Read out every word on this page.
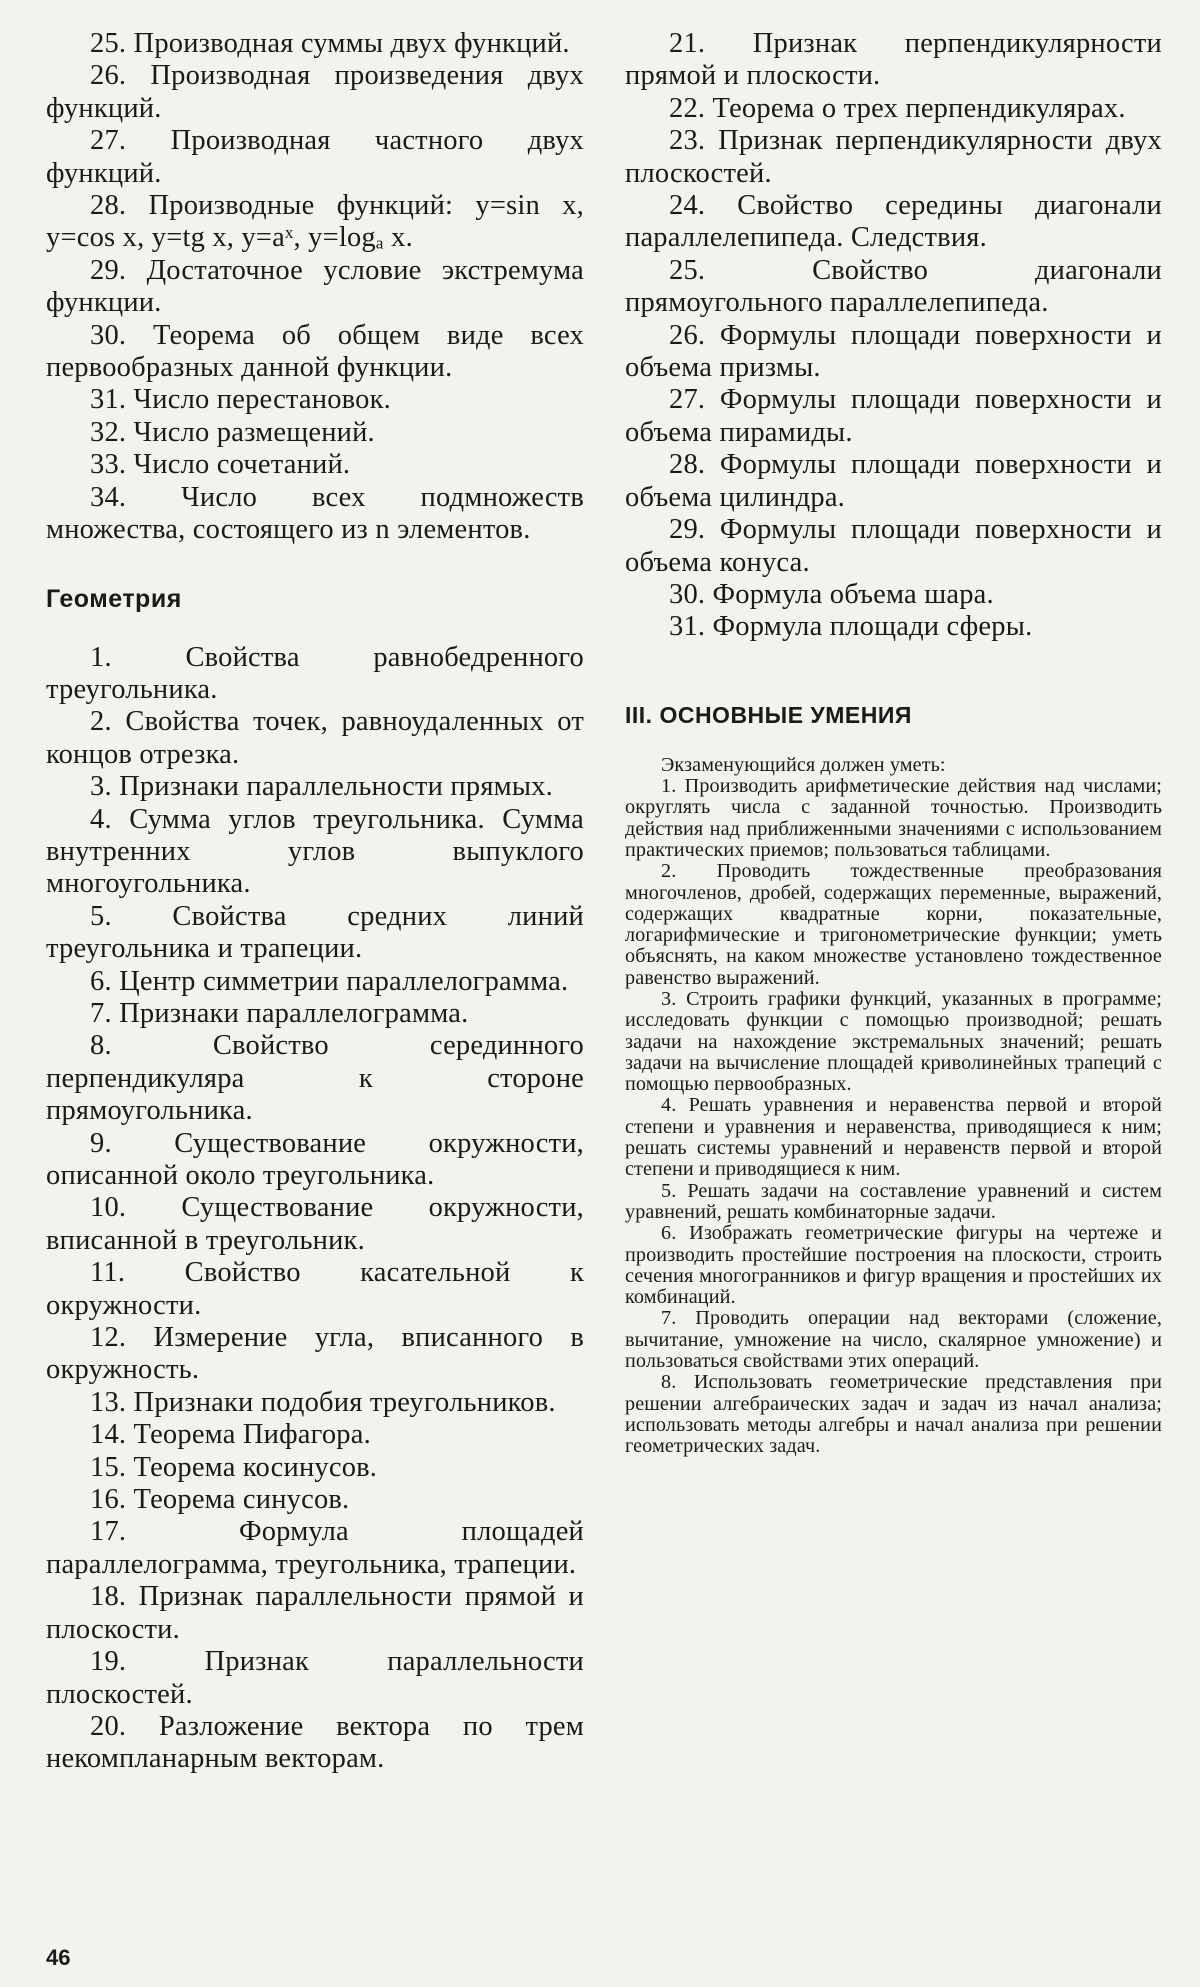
25. Производная суммы двух функций.

26. Производная произведения двух функций.

27. Производная частного двух функций.

28. Производные функций: y=sin x, y=cos x, y=tg x, y=aˣ, y=logₐ x.

29. Достаточное условие экстремума функции.

30. Теорема об общем виде всех первообразных данной функции.

31. Число перестановок.

32. Число размещений.

33. Число сочетаний.

34. Число всех подмножеств множества, состоящего из n элементов.

Геометрия

1. Свойства равнобедренного треугольника.

2. Свойства точек, равноудаленных от концов отрезка.

3. Признаки параллельности прямых.

4. Сумма углов треугольника. Сумма внутренних углов выпуклого многоугольника.

5. Свойства средних линий треугольника и трапеции.

6. Центр симметрии параллелограмма.

7. Признаки параллелограмма.

8. Свойство серединного перпендикуляра к стороне прямоугольника.

9. Существование окружности, описанной около треугольника.

10. Существование окружности, вписанной в треугольник.

11. Свойство касательной к окружности.

12. Измерение угла, вписанного в окружность.

13. Признаки подобия треугольников.

14. Теорема Пифагора.

15. Теорема косинусов.

16. Теорема синусов.

17. Формула площадей параллелограмма, треугольника, трапеции.

18. Признак параллельности прямой и плоскости.

19. Признак параллельности плоскостей.

20. Разложение вектора по трем некомпланарным векторам.

21. Признак перпендикулярности прямой и плоскости.

22. Теорема о трех перпендикулярах.

23. Признак перпендикулярности двух плоскостей.

24. Свойство середины диагонали параллелепипеда. Следствия.

25. Свойство диагонали прямоугольного параллелепипеда.

26. Формулы площади поверхности и объема призмы.

27. Формулы площади поверхности и объема пирамиды.

28. Формулы площади поверхности и объема цилиндра.

29. Формулы площади поверхности и объема конуса.

30. Формула объема шара.

31. Формула площади сферы.

III. ОСНОВНЫЕ УМЕНИЯ

Экзаменующийся должен уметь:

1. Производить арифметические действия над числами; округлять числа с заданной точностью. Производить действия над приближенными значениями с использованием практических приемов; пользоваться таблицами.

2. Проводить тождественные преобразования многочленов, дробей, содержащих переменные, выражений, содержащих квадратные корни, показательные, логарифмические и тригонометрические функции; уметь объяснять, на каком множестве установлено тождественное равенство выражений.

3. Строить графики функций, указанных в программе; исследовать функции с помощью производной; решать задачи на нахождение экстремальных значений; решать задачи на вычисление площадей криволинейных трапеций с помощью первообразных.

4. Решать уравнения и неравенства первой и второй степени и уравнения и неравенства, приводящиеся к ним; решать системы уравнений и неравенств первой и второй степени и приводящиеся к ним.

5. Решать задачи на составление уравнений и систем уравнений, решать комбинаторные задачи.

6. Изображать геометрические фигуры на чертеже и производить простейшие построения на плоскости, строить сечения многогранников и фигур вращения и простейших их комбинаций.

7. Проводить операции над векторами (сложение, вычитание, умножение на число, скалярное умножение) и пользоваться свойствами этих операций.

8. Использовать геометрические представления при решении алгебраических задач и задач из начал анализа; использовать методы алгебры и начал анализа при решении геометрических задач.

46
